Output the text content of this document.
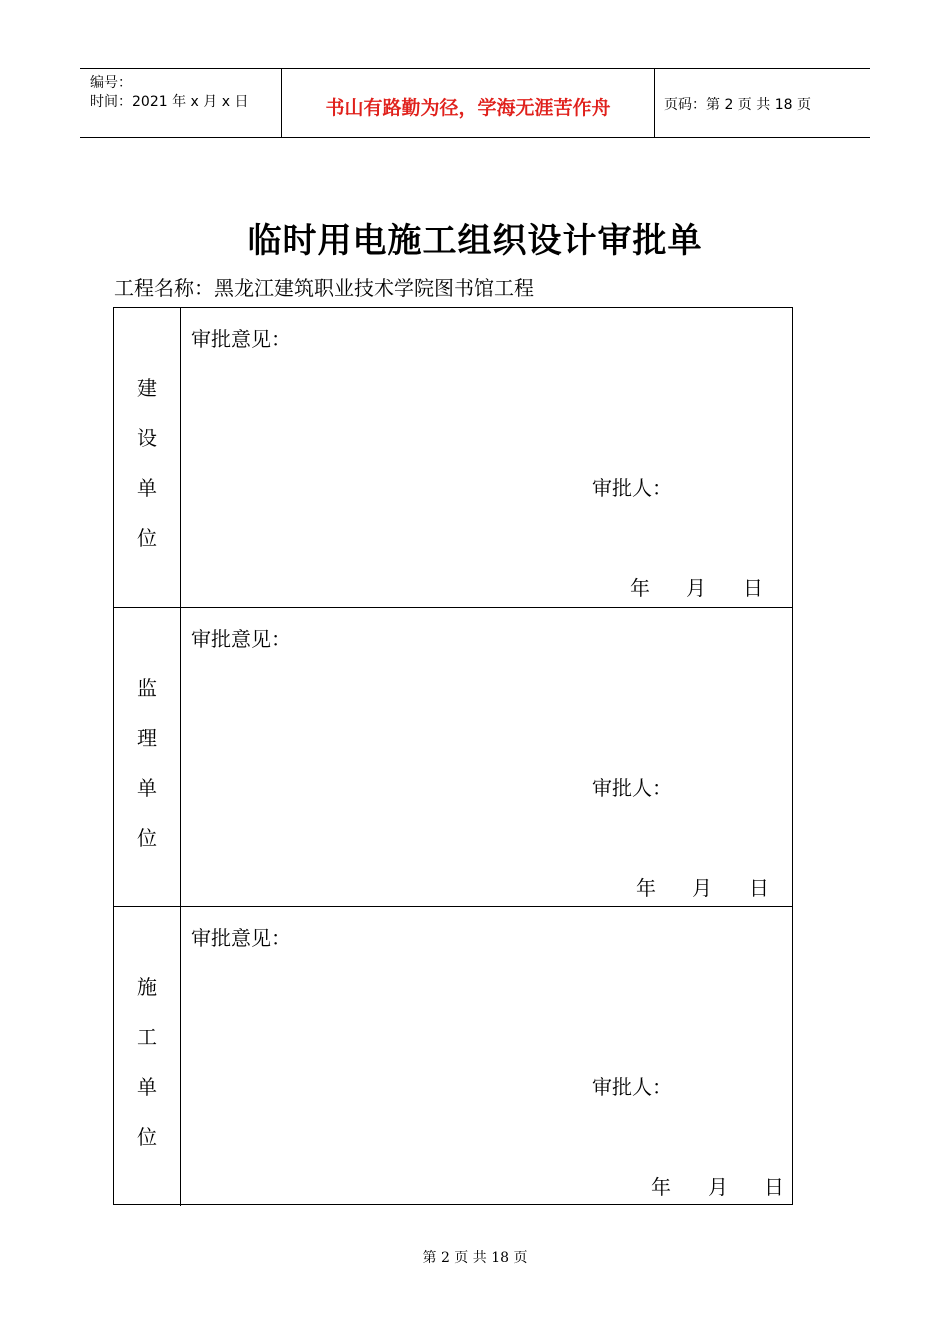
编号：
时间：2021 年 x 月 x 日	书山有路勤为径，学海无涯苦作舟	页码：第 2 页 共 18 页
临时用电施工组织设计审批单
工程名称：黑龙江建筑职业技术学院图书馆工程
建
设
单
位
审批意见：
审批人：
年 月 日
监
理
单
位
审批意见：
审批人：
年 月 日
施
工
单
位
审批意见：
审批人：
年 月 日
第 2 页 共 18 页
